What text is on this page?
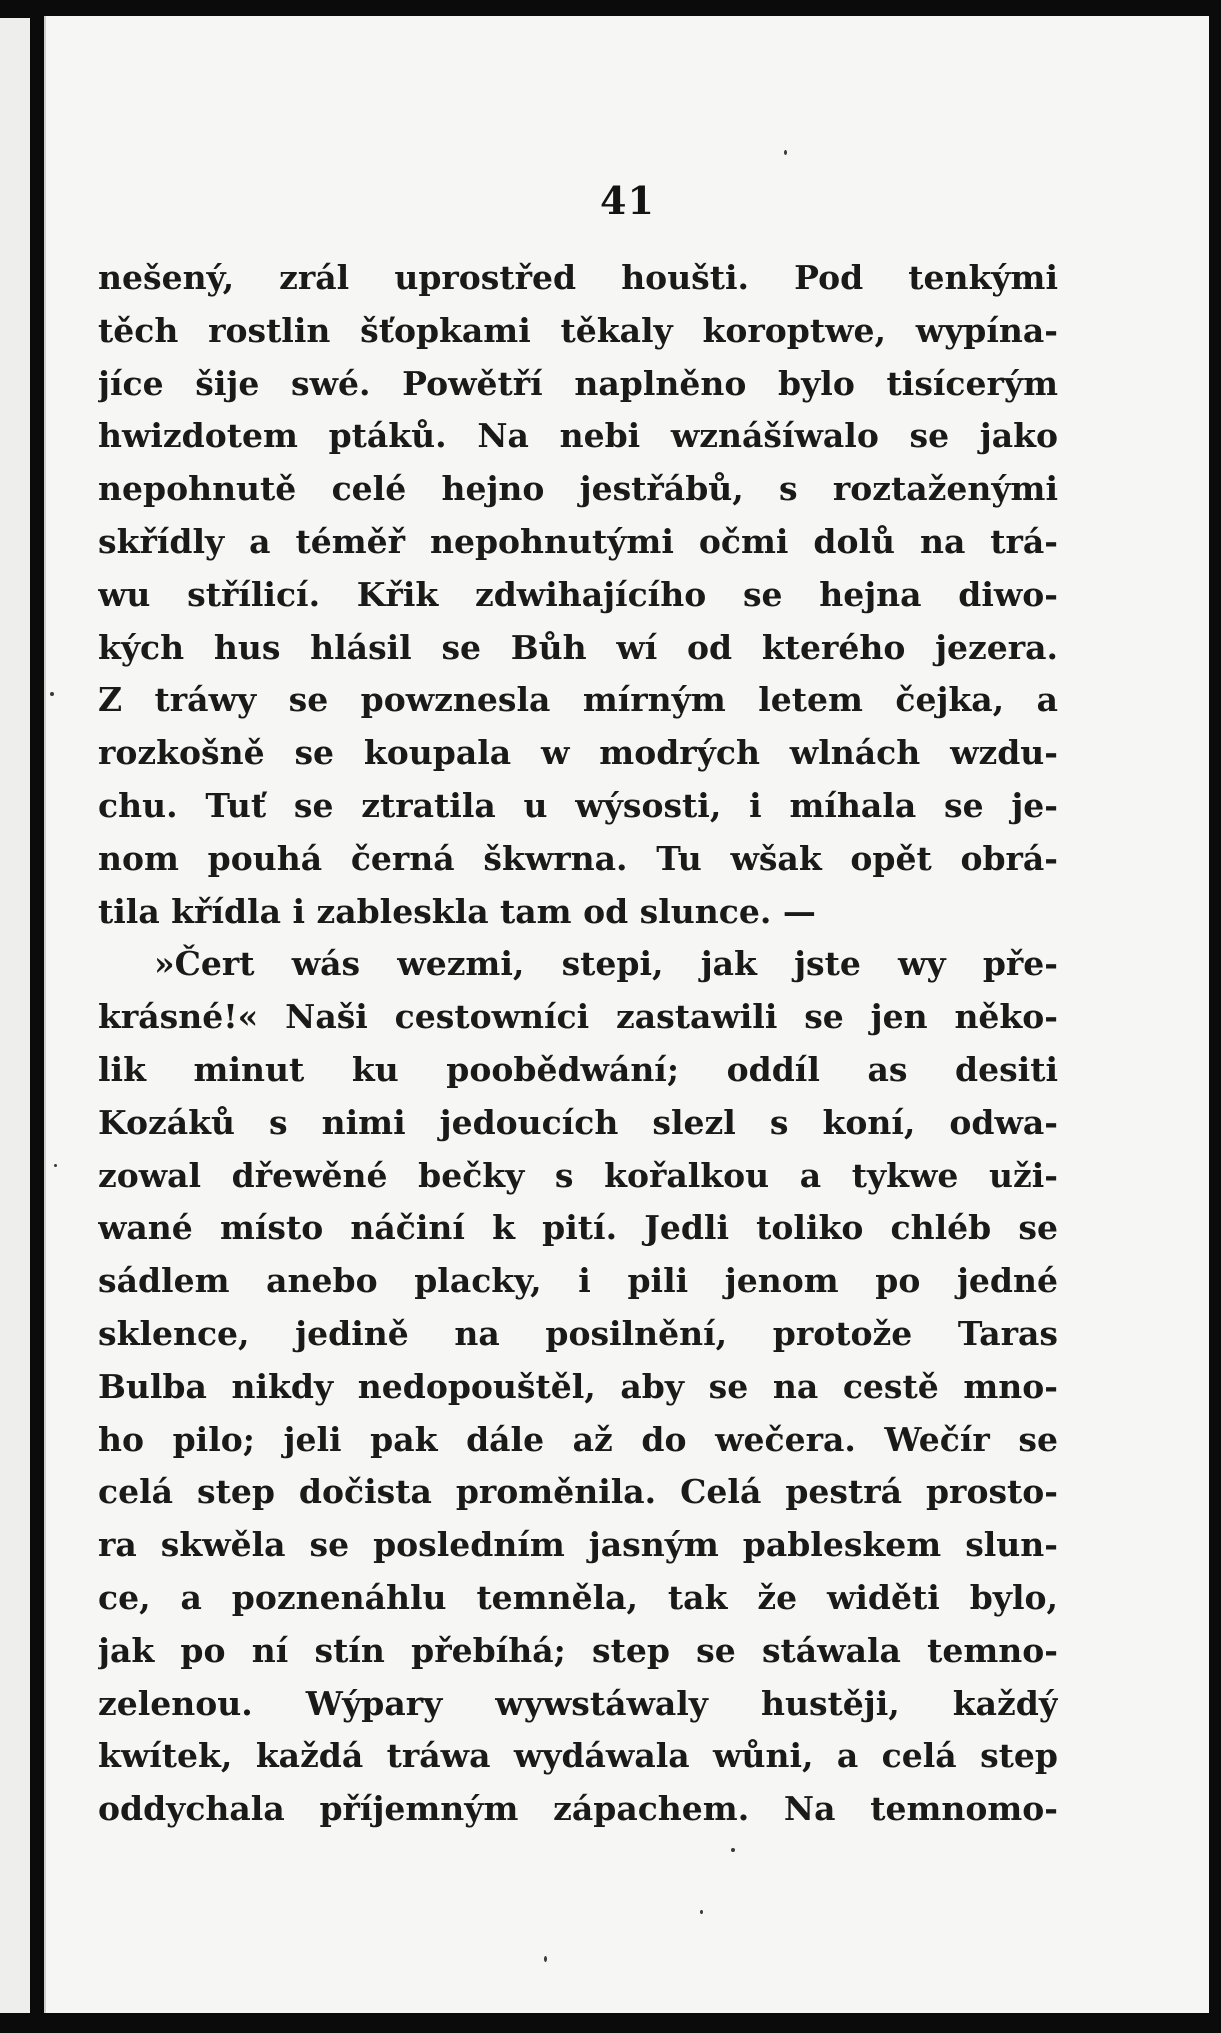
41
nešený, zrál uprostřed houšti. Pod tenkými
těch rostlin šťopkami těkaly koroptwe, wypína-
jíce šije swé. Powětří naplněno bylo tisícerým
hwizdotem ptáků. Na nebi wznášíwalo se jako
nepohnutě celé hejno jestřábů, s roztaženými
skřídly a téměř nepohnutými očmi dolů na trá-
wu střílicí. Křik zdwihajícího se hejna diwo-
kých hus hlásil se Bůh wí od kterého jezera.
Z tráwy se powznesla mírným letem čejka, a
rozkošně se koupala w modrých wlnách wzdu-
chu. Tuť se ztratila u wýsosti, i míhala se je-
nom pouhá černá škwrna. Tu wšak opět obrá-
tila křídla i zableskla tam od slunce. —
»Čert wás wezmi, stepi, jak jste wy pře-
krásné!« Naši cestowníci zastawili se jen něko-
lik minut ku poobědwání; oddíl as desiti
Kozáků s nimi jedoucích slezl s koní, odwa-
zowal dřewěné bečky s kořalkou a tykwe uži-
wané místo náčiní k pití. Jedli toliko chléb se
sádlem anebo placky, i pili jenom po jedné
sklence, jedině na posilnění, protože Taras
Bulba nikdy nedopouštěl, aby se na cestě mno-
ho pilo; jeli pak dále až do wečera. Wečír se
celá step dočista proměnila. Celá pestrá prosto-
ra skwěla se posledním jasným pableskem slun-
ce, a poznenáhlu temněla, tak že widěti bylo,
jak po ní stín přebíhá; step se stáwala temno-
zelenou. Wýpary wywstáwaly hustěji, každý
kwítek, každá tráwa wydáwala wůni, a celá step
oddychala příjemným zápachem. Na temnomo-
